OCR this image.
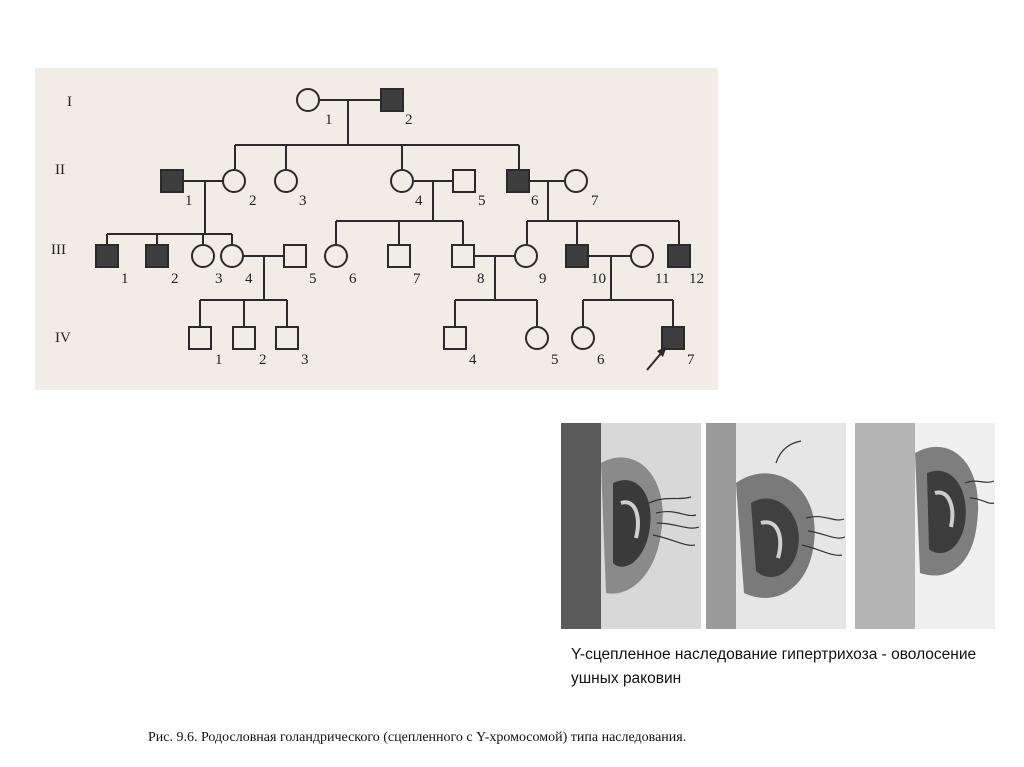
I
II
III
IV
1	2
1	2	3	4	5	6	7
1	2 3 4	5 6	7	8	9	10	11 12
1 2 3	4	5	6	7
Y-сцепленное наследование гипертрихоза - оволосение ушных раковин
Рис. 9.6. Родословная голандрического (сцепленного с Y-хромосомой) типа наследования.
